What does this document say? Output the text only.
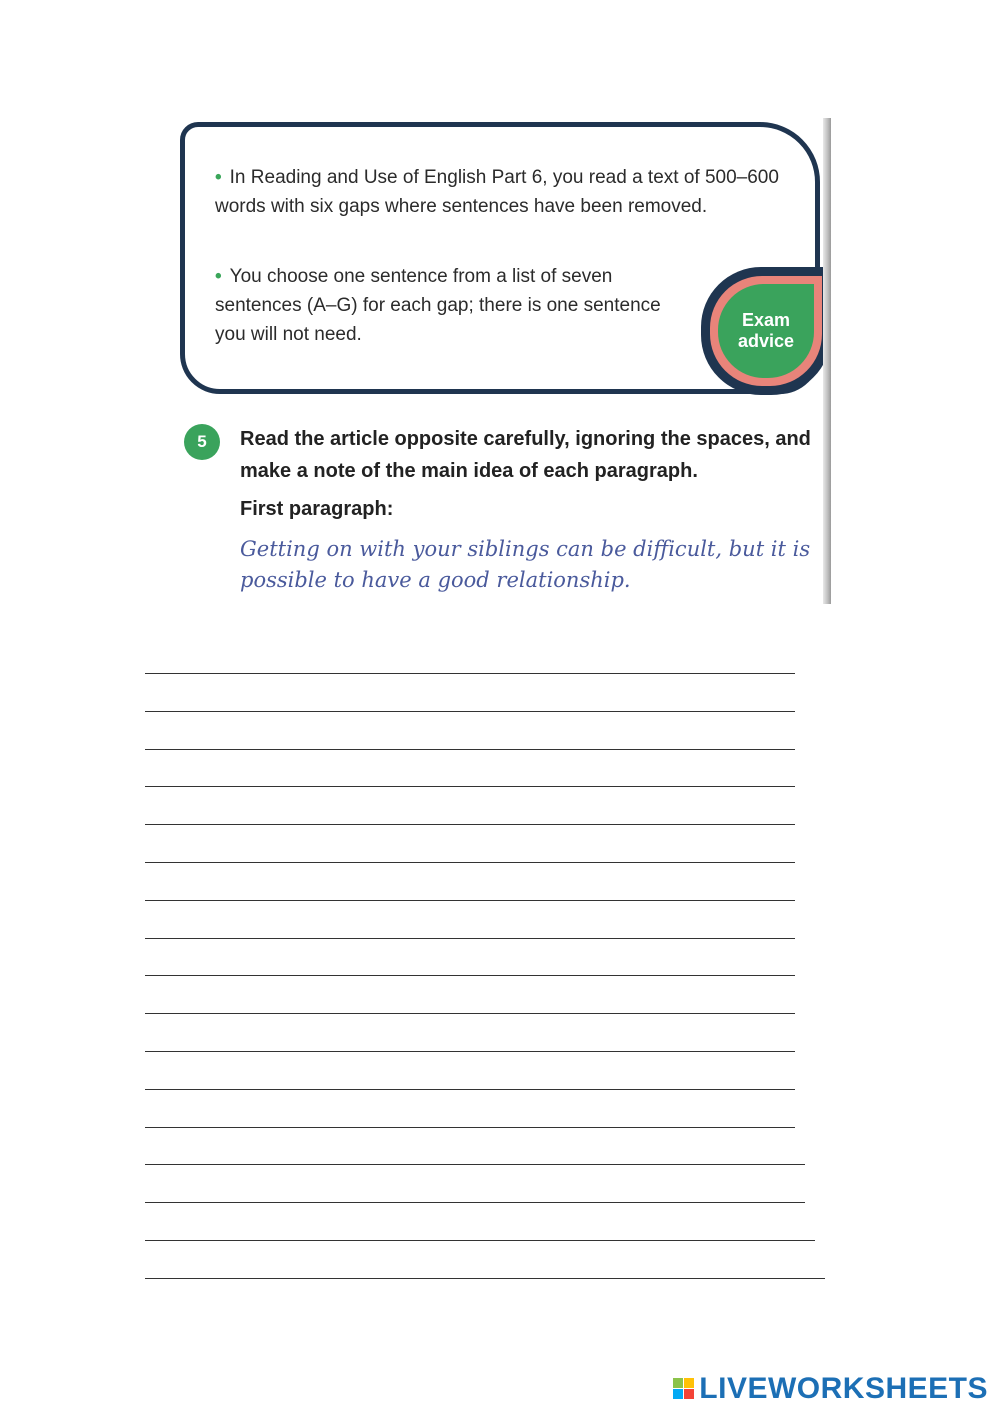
• In Reading and Use of English Part 6, you read a text of 500–600 words with six gaps where sentences have been removed.
• You choose one sentence from a list of seven sentences (A–G) for each gap; there is one sentence you will not need.
Exam
advice
5	Read the article opposite carefully, ignoring the spaces, and make a note of the main idea of each paragraph.
First paragraph:
Getting on with your siblings can be difficult, but it is possible to have a good relationship.
LIVEWORKSHEETS
